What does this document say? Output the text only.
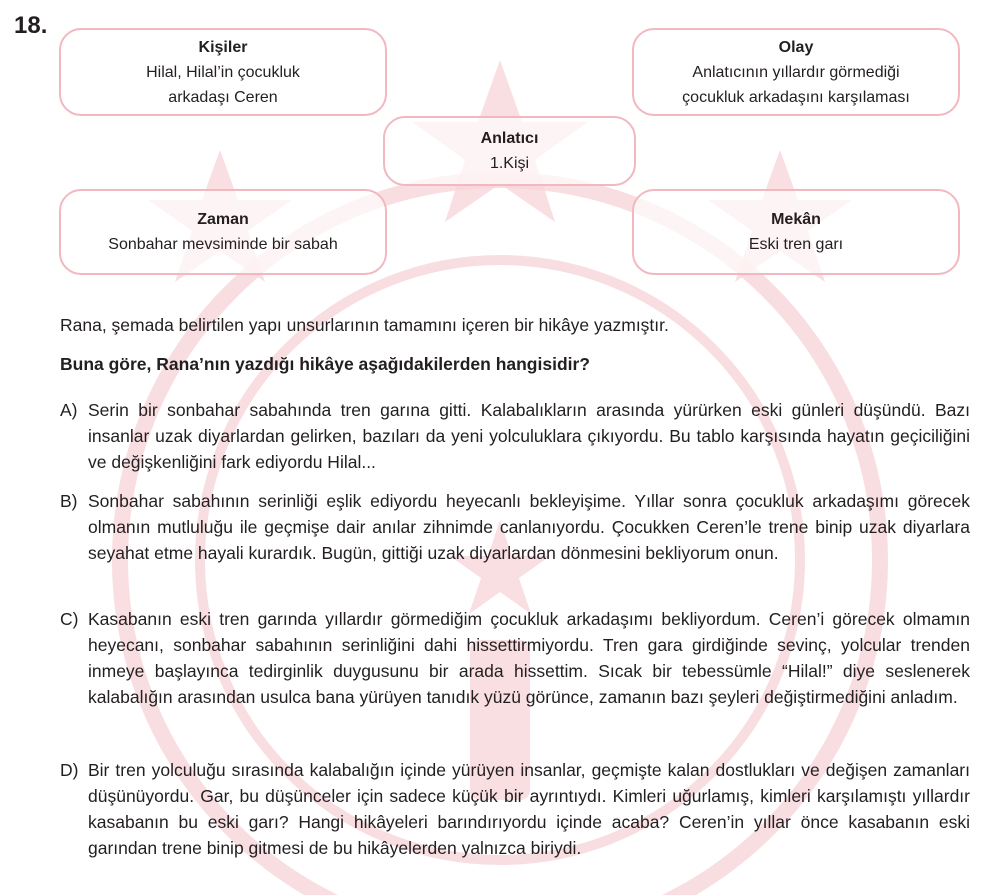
18.
Kişiler
Hilal, Hilal’in çocukluk
arkadaşı Ceren
Olay
Anlatıcının yıllardır görmediği
çocukluk arkadaşını karşılaması
Anlatıcı
1.Kişi
Zaman
Sonbahar mevsiminde bir sabah
Mekân
Eski tren garı

Rana, şemada belirtilen yapı unsurlarının tamamını içeren bir hikâye yazmıştır.

Buna göre, Rana’nın yazdığı hikâye aşağıdakilerden hangisidir?

A) Serin bir sonbahar sabahında tren garına gitti. Kalabalıkların arasında yürürken eski günleri düşündü. Bazı insanlar uzak diyarlardan gelirken, bazıları da yeni yolculuklara çıkıyordu. Bu tablo karşısında hayatın geçiciliğini ve değişkenliğini fark ediyordu Hilal...

B) Sonbahar sabahının serinliği eşlik ediyordu heyecanlı bekleyişime. Yıllar sonra çocukluk arkadaşımı görecek olmanın mutluluğu ile geçmişe dair anılar zihnimde canlanıyordu. Çocukken Ceren’le trene binip uzak diyarlara seyahat etme hayali kurardık. Bugün, gittiği uzak diyarlardan dönmesini bekliyorum onun.

C) Kasabanın eski tren garında yıllardır görmediğim çocukluk arkadaşımı bekliyordum. Ceren’i görecek olmamın heyecanı, sonbahar sabahının serinliğini dahi hissettirmiyordu. Tren gara girdiğinde sevinç, yolcular trenden inmeye başlayınca tedirginlik duygusunu bir arada hissettim. Sıcak bir tebessümle “Hilal!” diye seslenerek kalabalığın arasından usulca bana yürüyen tanıdık yüzü görünce, zamanın bazı şeyleri değiştirmediğini anladım.

D) Bir tren yolculuğu sırasında kalabalığın içinde yürüyen insanlar, geçmişte kalan dostlukları ve değişen zamanları düşünüyordu. Gar, bu düşünceler için sadece küçük bir ayrıntıydı. Kimleri uğurlamış, kimleri karşılamıştı yıllardır kasabanın bu eski garı? Hangi hikâyeleri barındırıyordu içinde acaba? Ceren’in yıllar önce kasabanın eski garından trene binip gitmesi de bu hikâyelerden yalnızca biriydi.
